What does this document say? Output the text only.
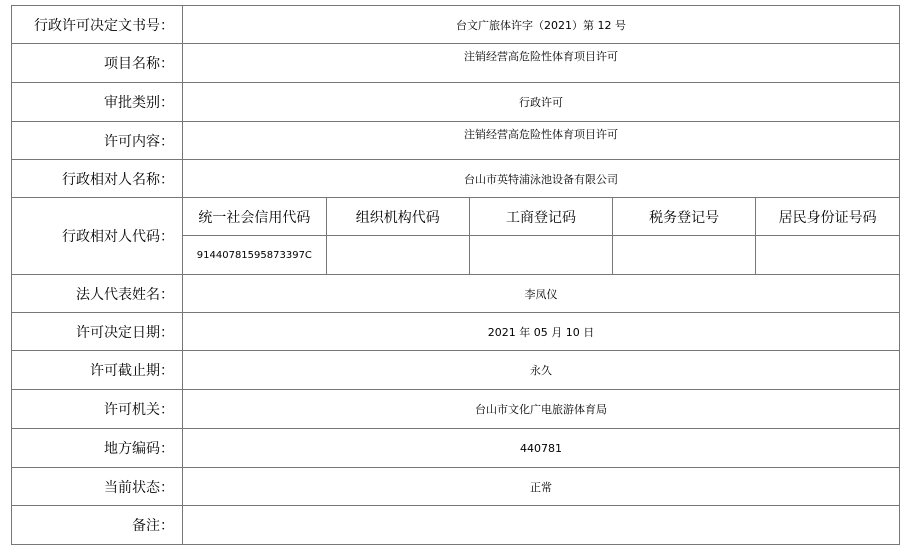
行政许可决定文书号：	台文广旅体许字（2021）第 12 号
项目名称：	注销经营高危险性体育项目许可
审批类别：	行政许可
许可内容：	注销经营高危险性体育项目许可
行政相对人名称：	台山市英特浦泳池设备有限公司
行政相对人代码：	
统一社会信用代码	组织机构代码	工商登记码	税务登记号	居民身份证号码
91440781595873397C				

法人代表姓名：	李凤仪
许可决定日期：	2021 年 05 月 10 日
许可截止期：	永久
许可机关：	台山市文化广电旅游体育局
地方编码：	440781
当前状态：	正常
备注：	
